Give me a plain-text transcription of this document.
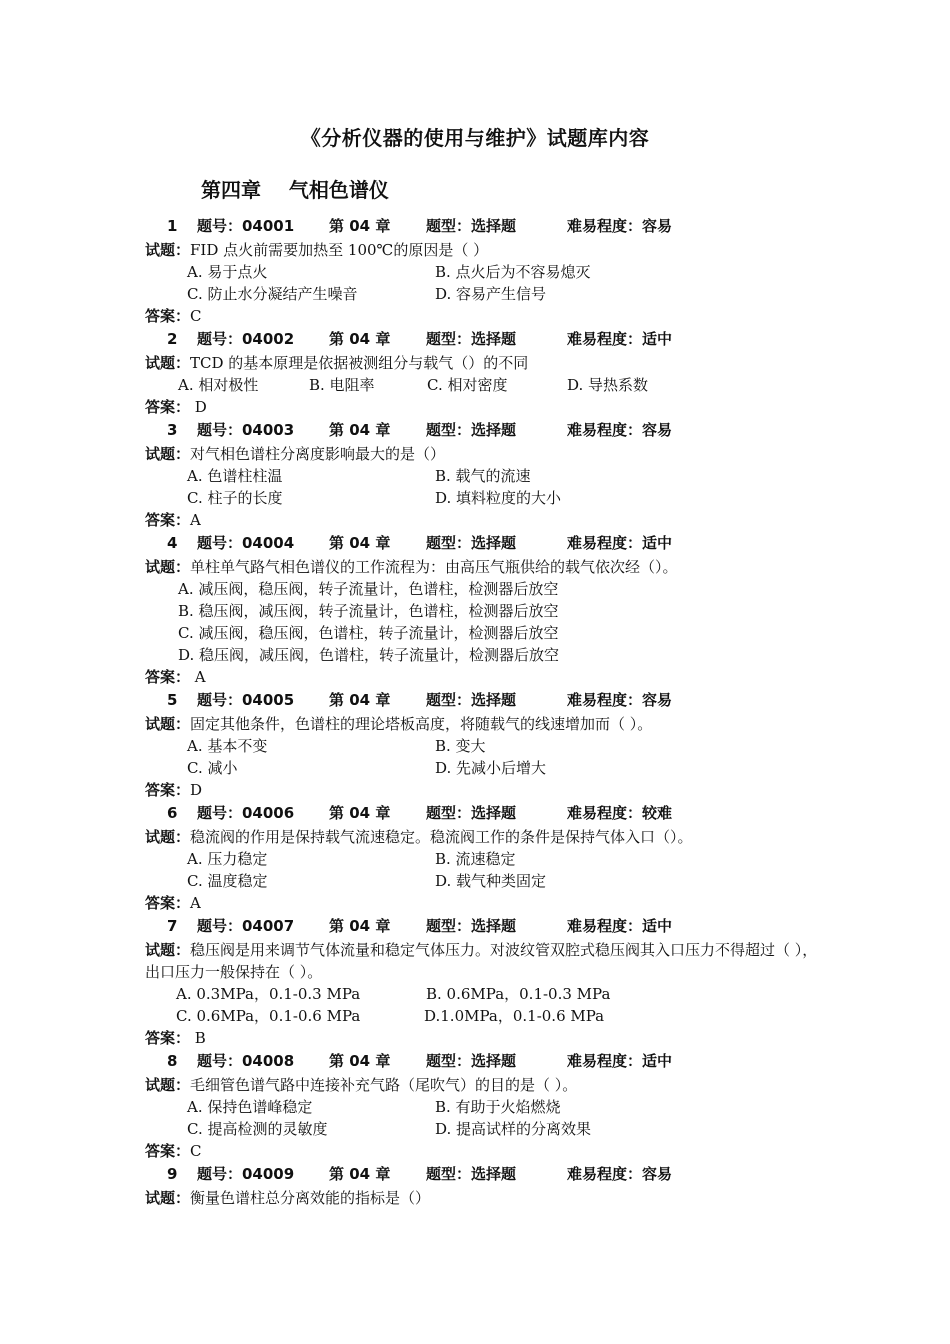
《分析仪器的使用与维护》试题库内容
第四章    气相色谱仪
1 题号：04001 第 04 章 题型：选择题	难易程度：容易
试题：FID 点火前需要加热至 100℃的原因是（ ）
A. 易于点火	B. 点火后为不容易熄灭
C. 防止水分凝结产生噪音	D. 容易产生信号
答案：C
2 题号：04002 第 04 章 题型：选择题	难易程度：适中
试题：TCD 的基本原理是依据被测组分与载气（）的不同
A. 相对极性	B. 电阻率	C. 相对密度	D. 导热系数
答案： D
3 题号：04003 第 04 章 题型：选择题	难易程度：容易
试题：对气相色谱柱分离度影响最大的是（）
A. 色谱柱柱温	B. 载气的流速
C. 柱子的长度	D. 填料粒度的大小
答案：A
4 题号：04004 第 04 章 题型：选择题	难易程度：适中
试题：单柱单气路气相色谱仪的工作流程为：由高压气瓶供给的载气依次经（）。
A. 减压阀，稳压阀，转子流量计，色谱柱，检测器后放空
B. 稳压阀，减压阀，转子流量计，色谱柱，检测器后放空
C. 减压阀，稳压阀，色谱柱，转子流量计，检测器后放空
D. 稳压阀，减压阀，色谱柱，转子流量计，检测器后放空
答案： A
5 题号：04005 第 04 章 题型：选择题	难易程度：容易
试题：固定其他条件，色谱柱的理论塔板高度，将随载气的线速增加而（ ）。
A. 基本不变	B. 变大
C. 减小	D. 先减小后增大
答案：D
6 题号：04006 第 04 章 题型：选择题	难易程度：较难
试题：稳流阀的作用是保持载气流速稳定。稳流阀工作的条件是保持气体入口（）。
A. 压力稳定	B. 流速稳定
C. 温度稳定	D. 载气种类固定
答案：A
7 题号：04007 第 04 章 题型：选择题	难易程度：适中
试题：稳压阀是用来调节气体流量和稳定气体压力。对波纹管双腔式稳压阀其入口压力不得超过（ ），出口压力一般保持在（ ）。
A. 0.3MPa，0.1-0.3 MPa	B. 0.6MPa，0.1-0.3 MPa
C. 0.6MPa，0.1-0.6 MPa	D.1.0MPa，0.1-0.6 MPa
答案： B
8 题号：04008 第 04 章 题型：选择题	难易程度：适中
试题：毛细管色谱气路中连接补充气路（尾吹气）的目的是（ ）。
A. 保持色谱峰稳定	B. 有助于火焰燃烧
C. 提高检测的灵敏度	D. 提高试样的分离效果
答案：C
9 题号：04009 第 04 章 题型：选择题	难易程度：容易
试题：衡量色谱柱总分离效能的指标是（）
